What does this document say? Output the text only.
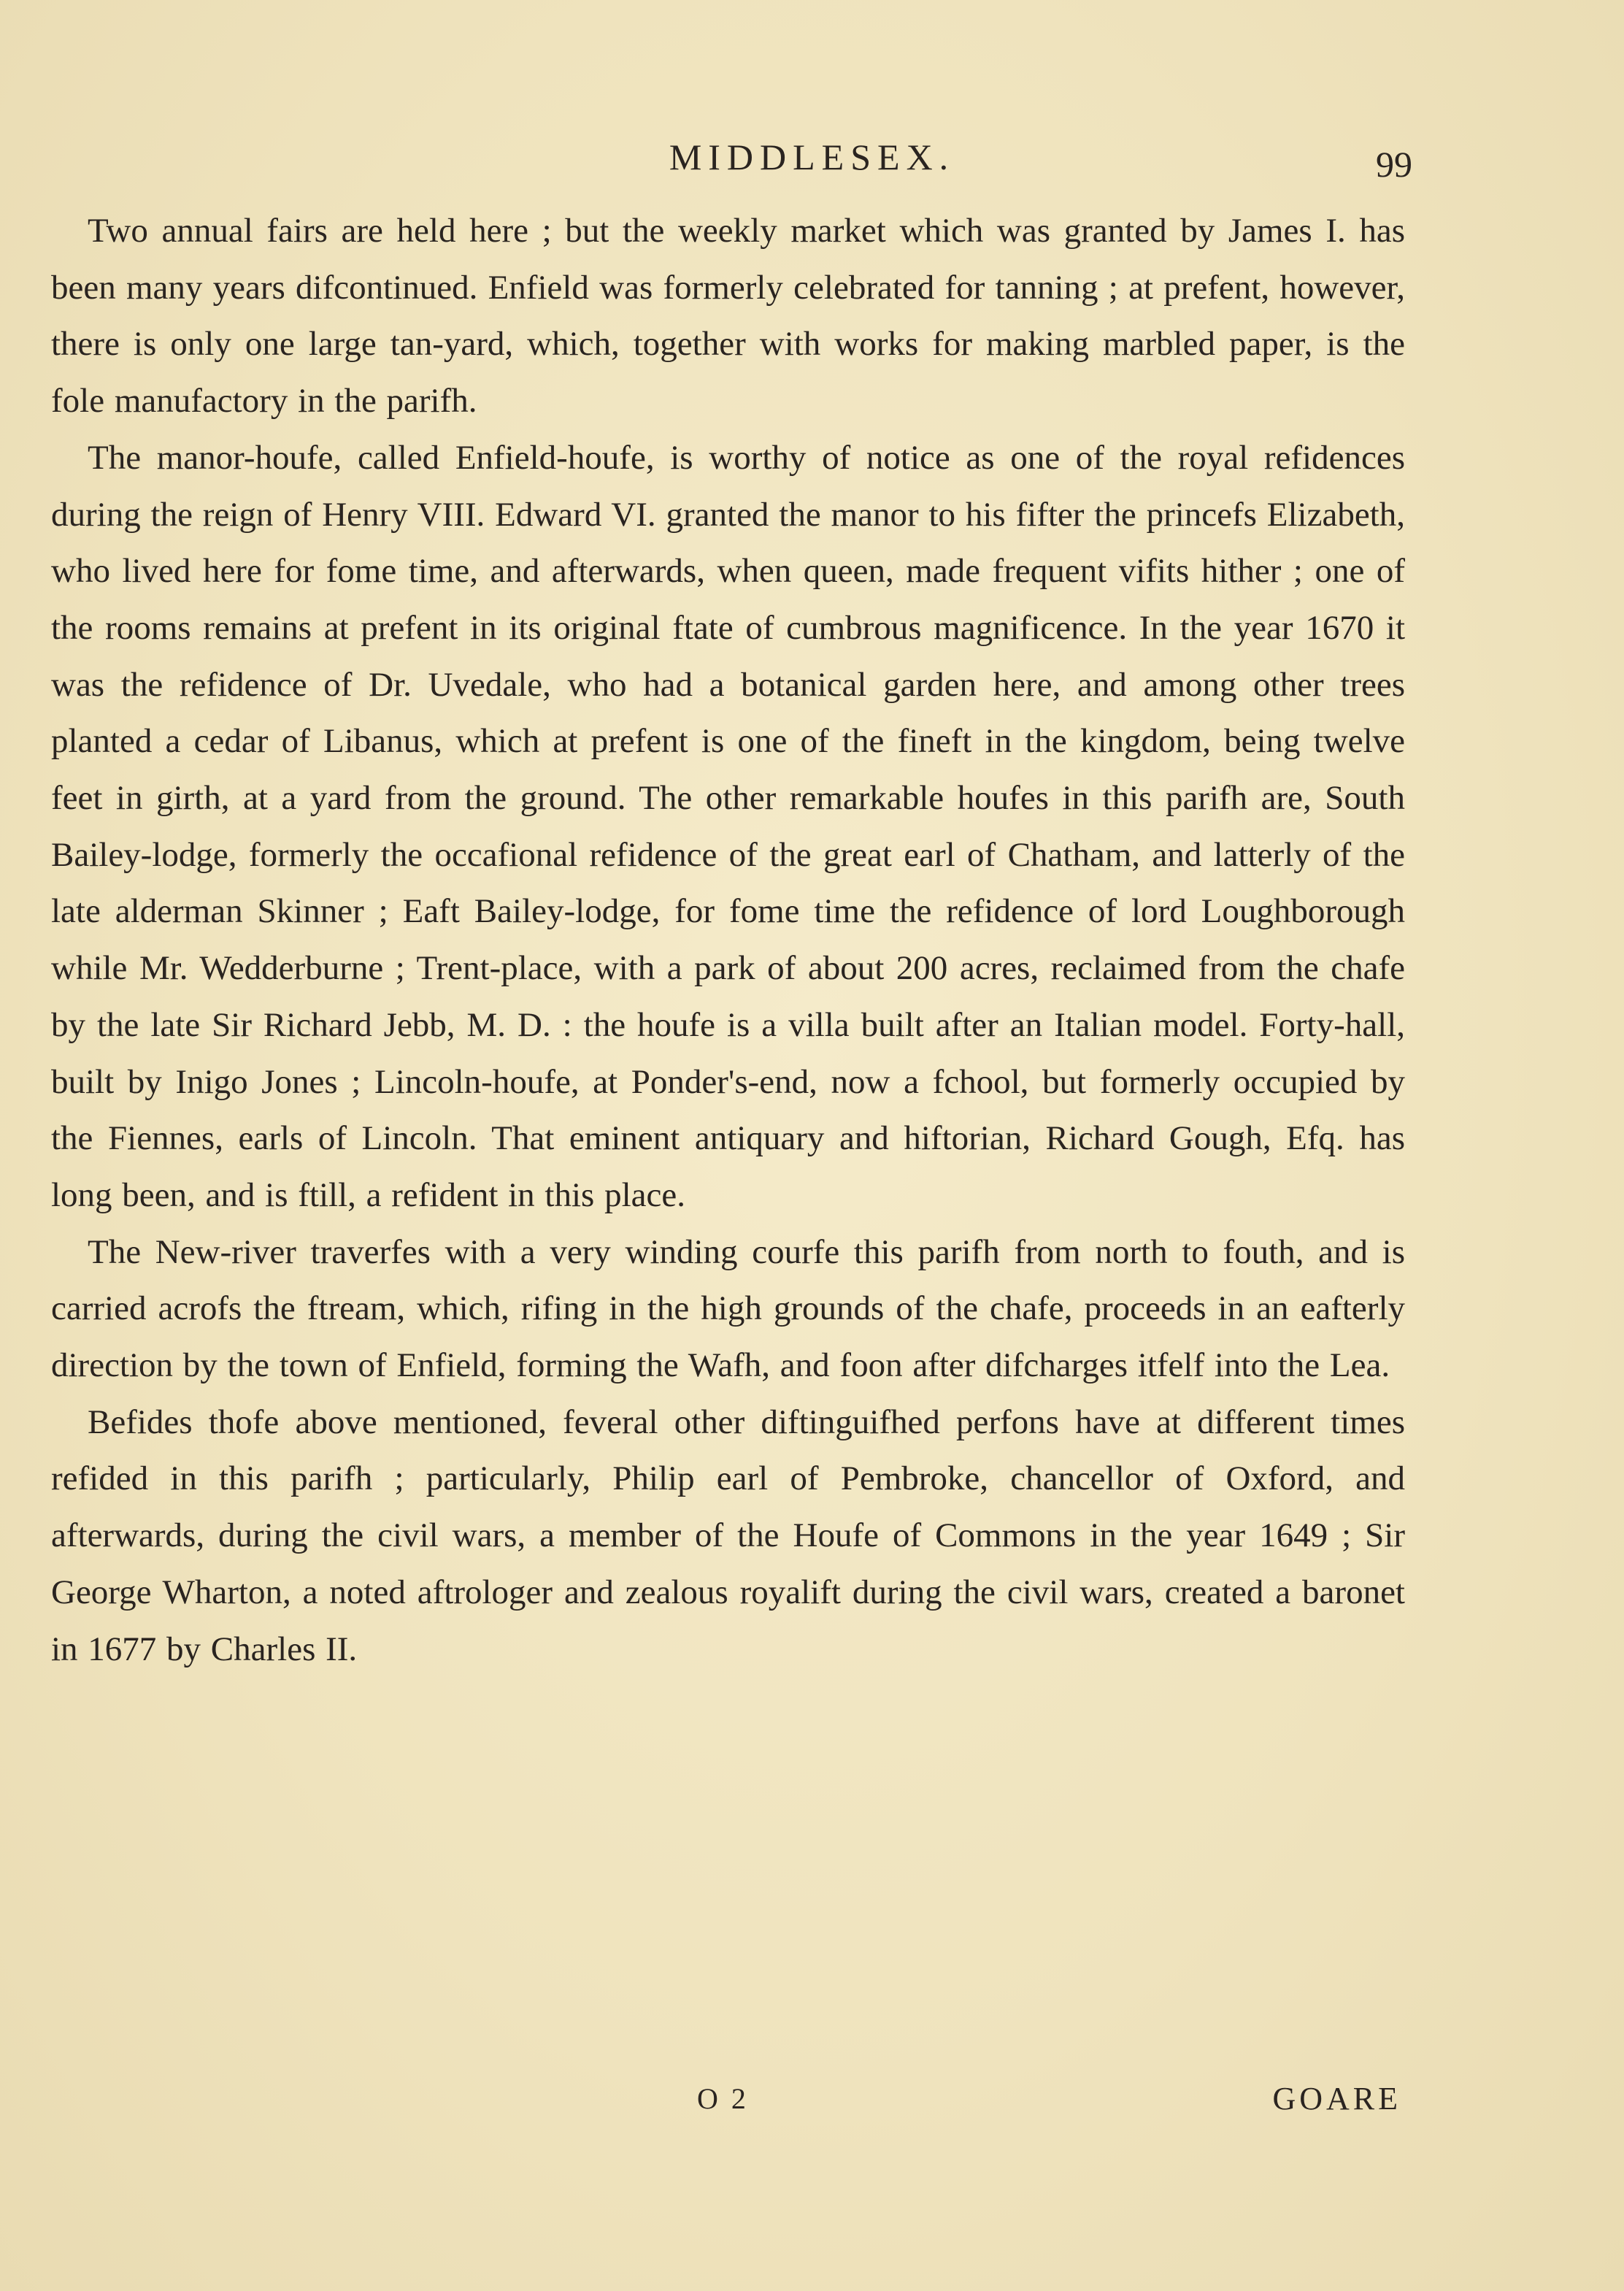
MIDDLESEX.	99

Two annual fairs are held here ; but the weekly market which was granted by James I. has been many years difcontinued. Enfield was formerly celebrated for tanning ; at prefent, however, there is only one large tan-yard, which, together with works for making marbled paper, is the fole manufactory in the parifh.

The manor-houfe, called Enfield-houfe, is worthy of notice as one of the royal refidences during the reign of Henry VIII. Edward VI. granted the manor to his fifter the princefs Elizabeth, who lived here for fome time, and afterwards, when queen, made frequent vifits hither ; one of the rooms remains at prefent in its original ftate of cumbrous magnificence. In the year 1670 it was the refidence of Dr. Uvedale, who had a botanical garden here, and among other trees planted a cedar of Libanus, which at prefent is one of the fineft in the kingdom, being twelve feet in girth, at a yard from the ground. The other remarkable houfes in this parifh are, South Bailey-lodge, formerly the occafional refidence of the great earl of Chatham, and latterly of the late alderman Skinner ; Eaft Bailey-lodge, for fome time the refidence of lord Loughborough while Mr. Wedderburne ; Trent-place, with a park of about 200 acres, reclaimed from the chafe by the late Sir Richard Jebb, M. D. : the houfe is a villa built after an Italian model. Forty-hall, built by Inigo Jones ; Lincoln-houfe, at Ponder's-end, now a fchool, but formerly occupied by the Fiennes, earls of Lincoln. That eminent antiquary and hiftorian, Richard Gough, Efq. has long been, and is ftill, a refident in this place.

The New-river traverfes with a very winding courfe this parifh from north to fouth, and is carried acrofs the ftream, which, rifing in the high grounds of the chafe, proceeds in an eafterly direction by the town of Enfield, forming the Wafh, and foon after difcharges itfelf into the Lea.

Befides thofe above mentioned, feveral other diftinguifhed perfons have at different times refided in this parifh ; particularly, Philip earl of Pembroke, chancellor of Oxford, and afterwards, during the civil wars, a member of the Houfe of Commons in the year 1649 ; Sir George Wharton, a noted aftrologer and zealous royalift during the civil wars, created a baronet in 1677 by Charles II.

O 2	GOARE
